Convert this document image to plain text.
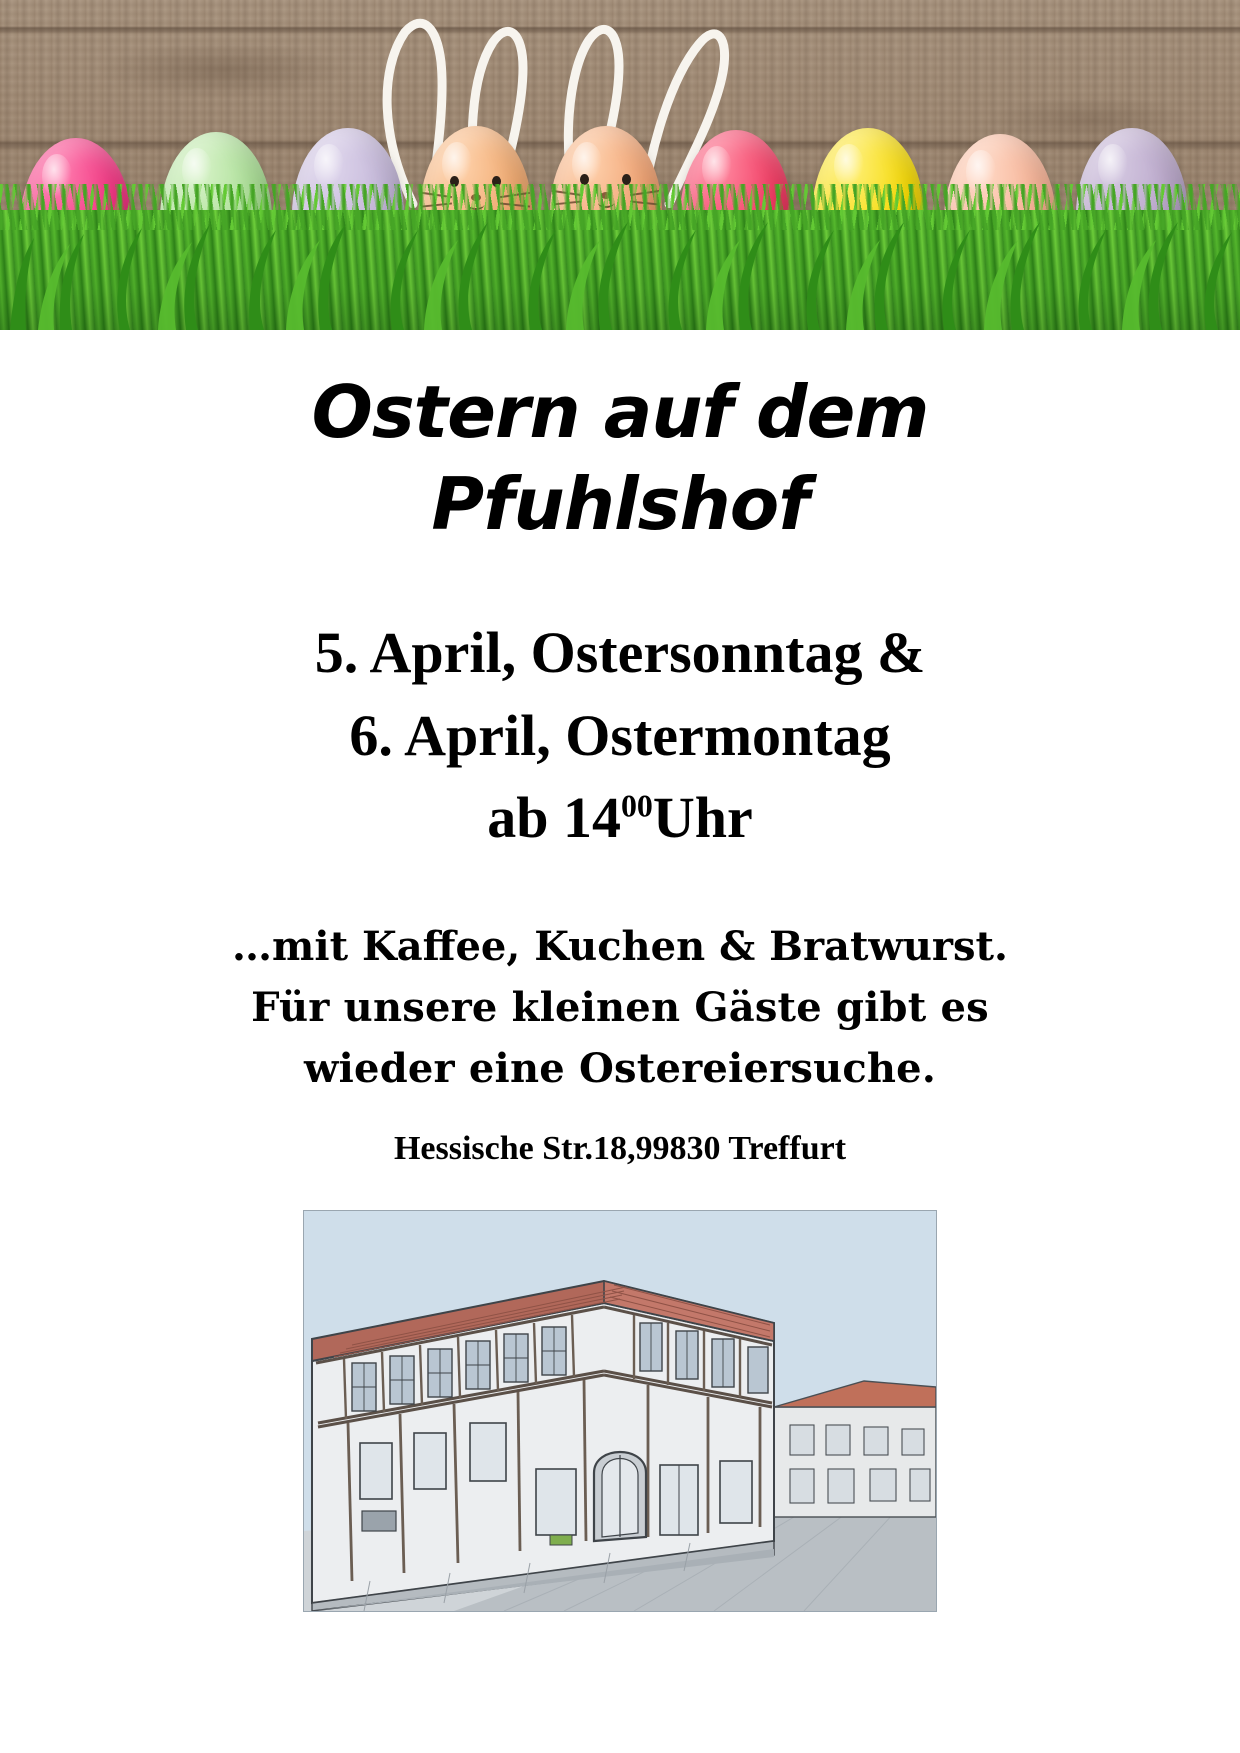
Ostern auf dem
Pfuhlshof
5. April, Ostersonntag &
6. April, Ostermontag
ab $14^{00}Uhr$
…mit Kaffee, Kuchen & Bratwurst.
Für unsere kleinen Gäste gibt es
wieder eine Ostereiersuche.
Hessische Str.18,99830 Treffurt
